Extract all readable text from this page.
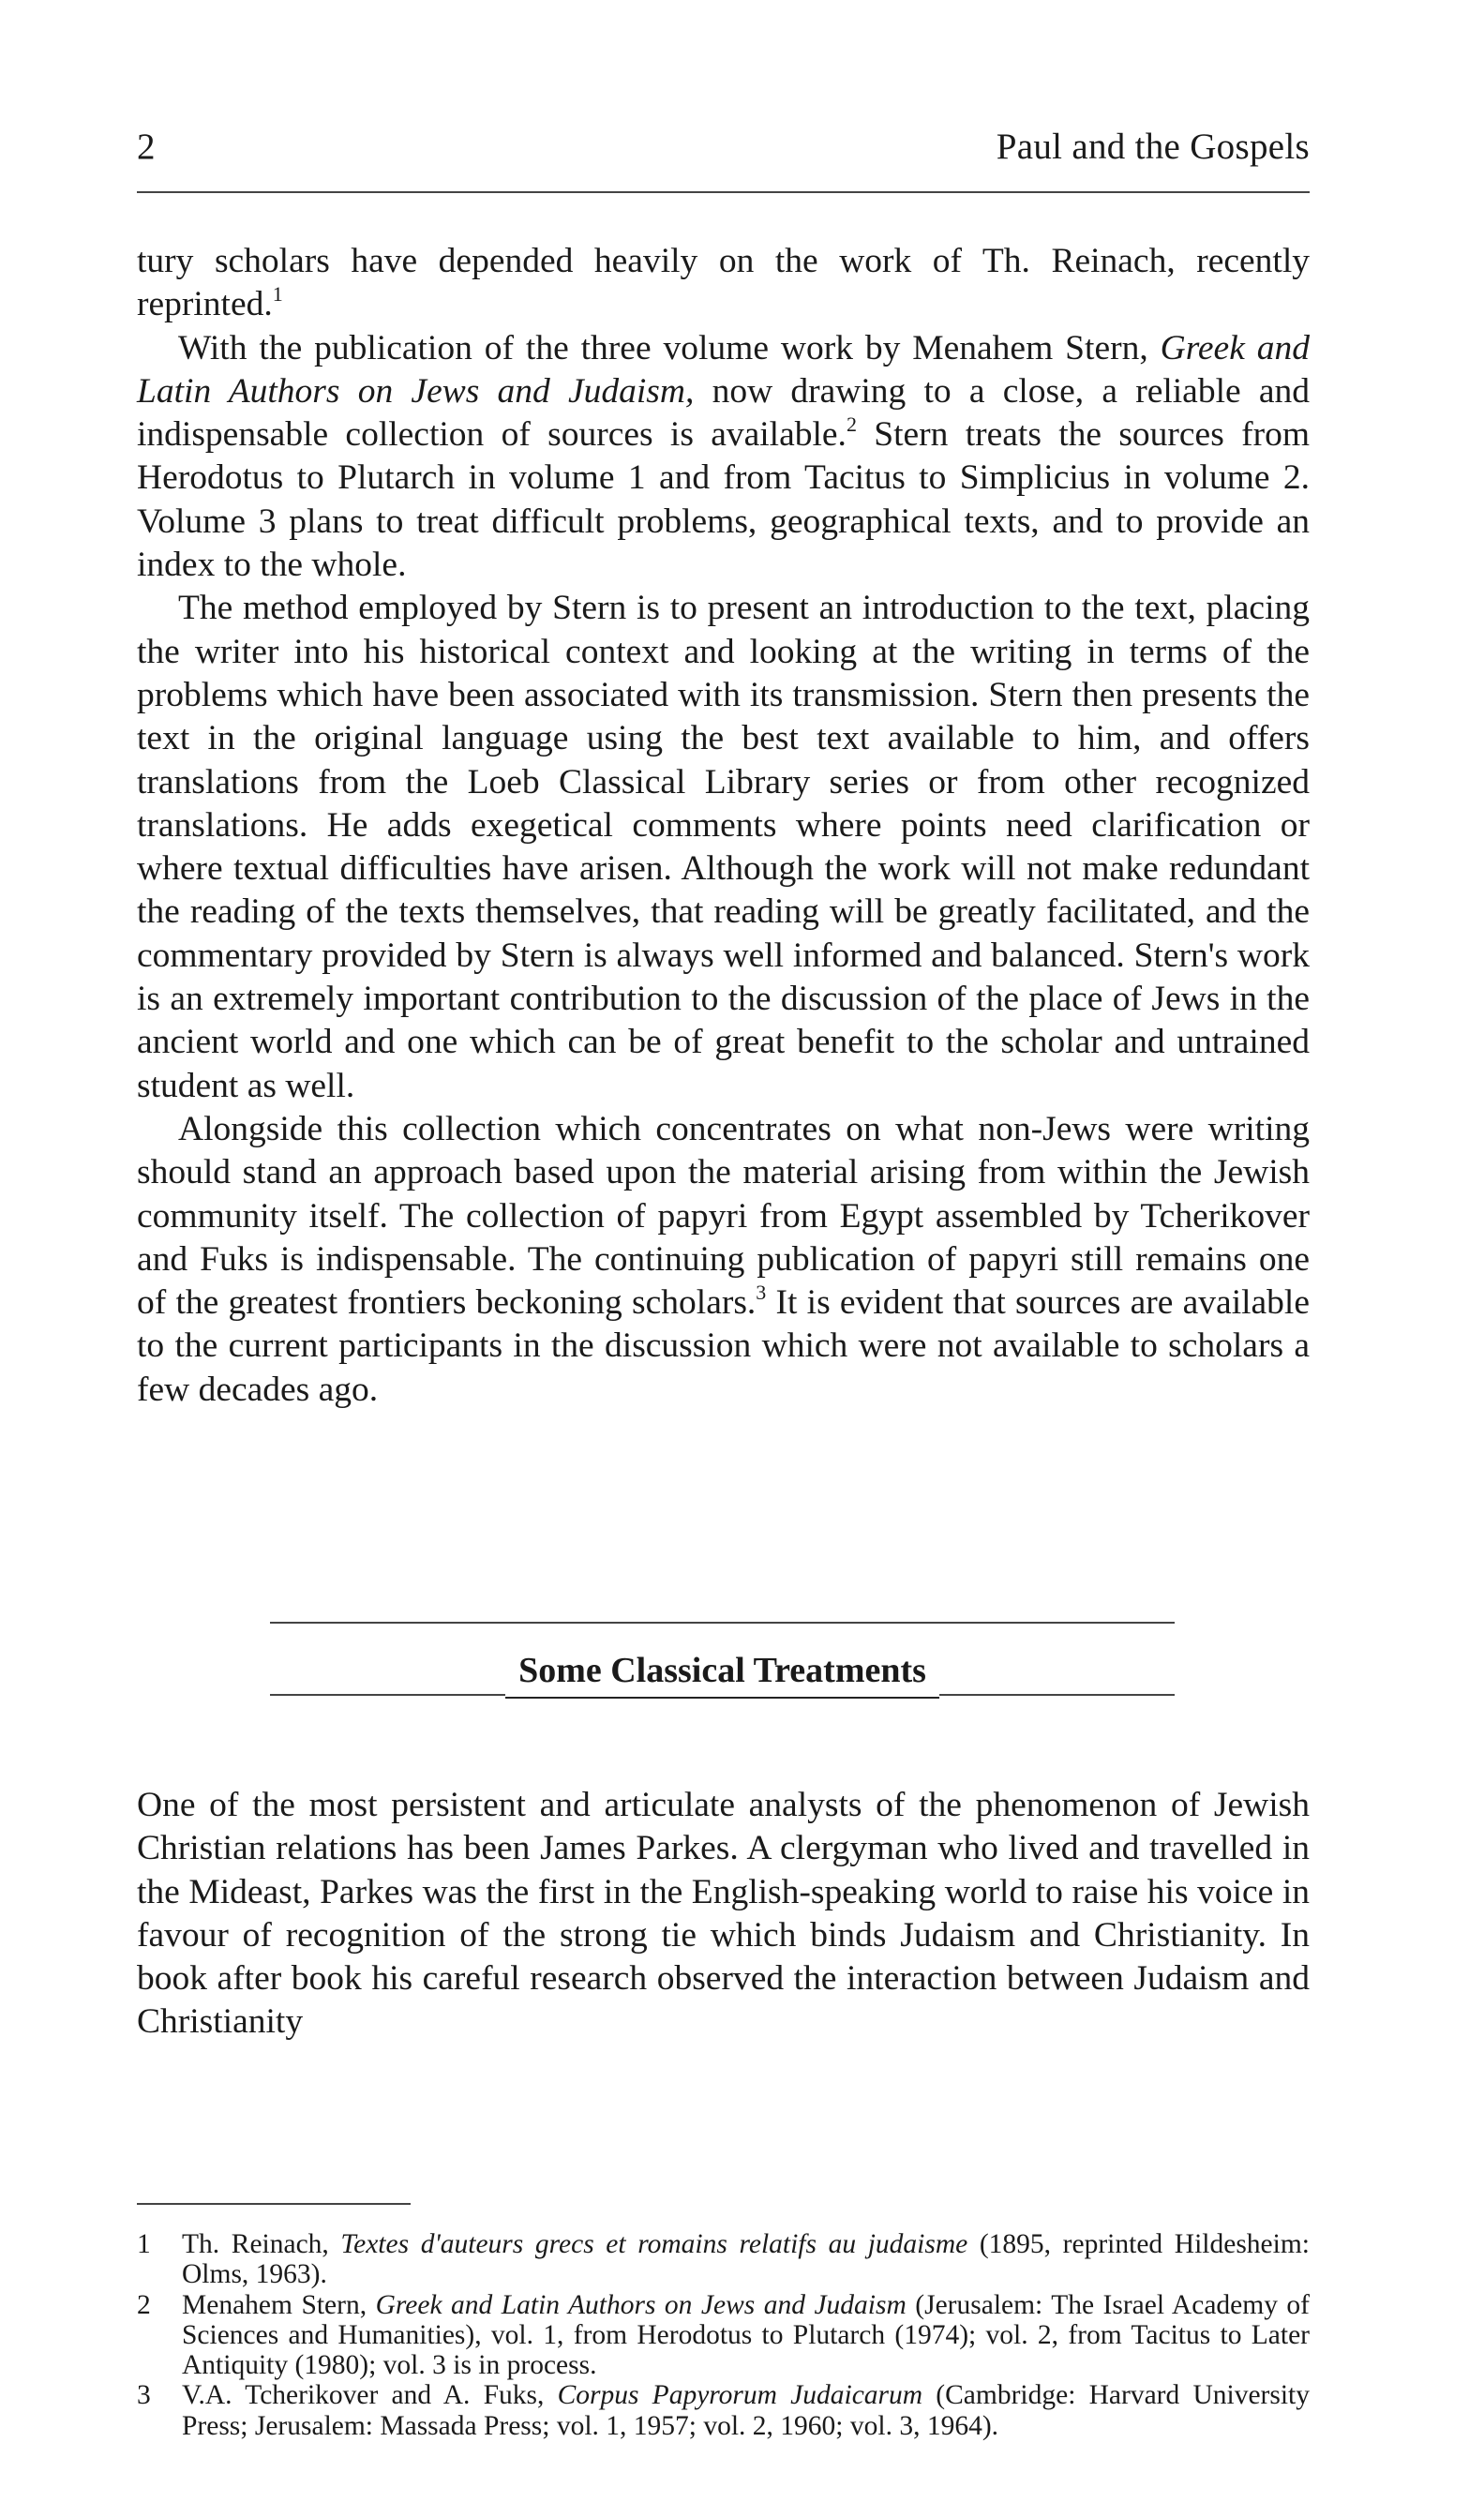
2	Paul and the Gospels

tury scholars have depended heavily on the work of Th. Reinach, recently reprinted.$^1$

With the publication of the three volume work by Menahem Stern, Greek and Latin Authors on Jews and Judaism, now drawing to a close, a reliable and indispensable collection of sources is available.$^2$ Stern treats the sources from Herodotus to Plutarch in volume 1 and from Tacitus to Simplicius in volume 2. Volume 3 plans to treat difficult problems, geographical texts, and to provide an index to the whole.

The method employed by Stern is to present an introduction to the text, placing the writer into his historical context and looking at the writing in terms of the problems which have been associated with its transmission. Stern then presents the text in the original language using the best text available to him, and offers translations from the Loeb Classical Library series or from other recognized translations. He adds exegetical comments where points need clarification or where textual difficulties have arisen. Although the work will not make redundant the reading of the texts themselves, that reading will be greatly facilitated, and the commentary provided by Stern is always well informed and balanced. Stern's work is an extremely important contribution to the discussion of the place of Jews in the ancient world and one which can be of great benefit to the scholar and untrained student as well.

Alongside this collection which concentrates on what non-Jews were writing should stand an approach based upon the material arising from within the Jewish community itself. The collection of papyri from Egypt assembled by Tcherikover and Fuks is indispensable. The continuing publication of papyri still remains one of the greatest frontiers beckoning scholars.$^3$ It is evident that sources are available to the current participants in the discussion which were not available to scholars a few decades ago.

Some Classical Treatments

One of the most persistent and articulate analysts of the phenomenon of Jewish Christian relations has been James Parkes. A clergyman who lived and travelled in the Mideast, Parkes was the first in the English-speaking world to raise his voice in favour of recognition of the strong tie which binds Judaism and Christianity. In book after book his careful research observed the interaction between Judaism and Christianity

1	Th. Reinach, Textes d'auteurs grecs et romains relatifs au judaisme (1895, reprinted Hildesheim: Olms, 1963).
2	Menahem Stern, Greek and Latin Authors on Jews and Judaism (Jerusalem: The Israel Academy of Sciences and Humanities), vol. 1, from Herodotus to Plutarch (1974); vol. 2, from Tacitus to Later Antiquity (1980); vol. 3 is in process.
3	V.A. Tcherikover and A. Fuks, Corpus Papyrorum Judaicarum (Cambridge: Harvard University Press; Jerusalem: Massada Press; vol. 1, 1957; vol. 2, 1960; vol. 3, 1964).
